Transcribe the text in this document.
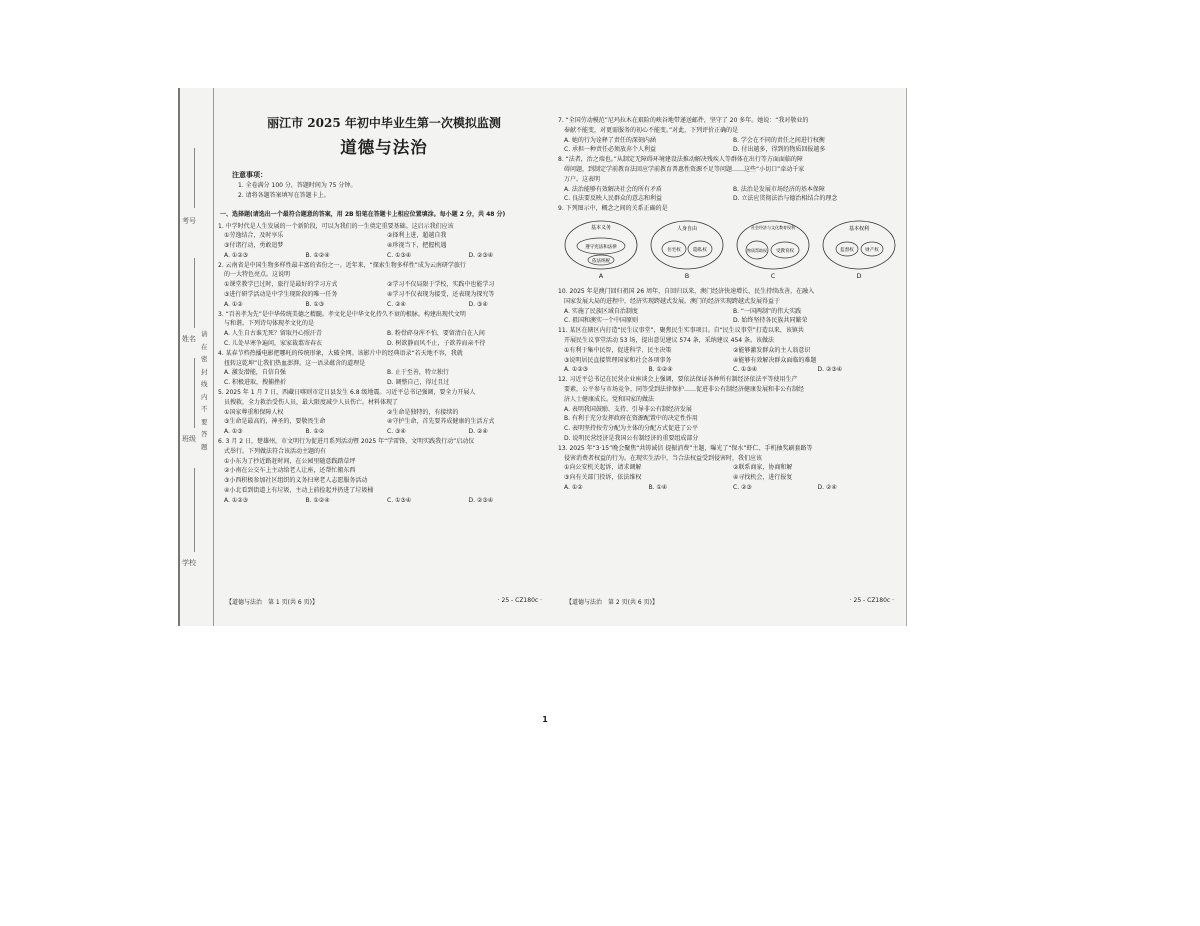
考号
姓名
班级
学校
请 在 密 封 线 内 不 要 答 题
丽江市 2025 年初中毕业生第一次模拟监测
道德与法治
注意事项：
1. 全卷满分 100 分，答题时间为 75 分钟。
2. 请将各题答案填写在答题卡上。
一、选择题(请选出一个最符合题意的答案，用 2B 铅笔在答题卡上相应位置填涂。每小题 2 分，共 48 分)
1. 中学时代是人生发展的一个新阶段，可以为我们的一生奠定重要基础。这启示我们应该
①劳逸结合，及时享乐	②择利上进，超越自我
③付诸行动，勇敢追梦	④珍视当下，把握机遇
A. ①②③	B. ①②④	C. ①③④	D. ②③④
2. 云南省是中国生物多样性最丰富的省份之一。近年来，“探索生物多样性”成为云南研学旅行
的一大特色亮点。这说明
①课堂教学已过时，旅行是最好的学习方式	②学习不仅局限于学校，实践中也能学习
③进行研学活动是中学生现阶段的唯一任务	④学习不仅表现为接受，还表现为探究等
A. ①②	B. ①③	C. ②④	D. ③④
3. “百善孝为先”是中华传统美德之精髓。孝文化是中华文化持久不衰的根脉。构建出现代文明
与和谐。下列诗句体现孝文化的是
A. 人生自古谁无死？留取丹心照汗青	B. 粉骨碎身浑不怕，要留清白在人间
C. 儿处早寒争遍问，家家裁翦寄春衣	D. 树欲静而风不止，子欲养而亲不待
4. 某春节档热播电影把哪吒的传统形象，大破全网。该影片中的经典语录“若天地不容，我就
扭转这乾坤”让我们热血澎湃。这一语录蕴含的道理是
A. 激发潜能，自信自强	B. 止于至善，特立独行
C. 积极进取，搜捕挫折	D. 调整自己，得过且过
5. 2025 年 1 月 7 日，西藏日喀则市定日县发生 6.8 级地震。习近平总书记强调，要全力开展人
员搜救，全力救治受伤人员，最大限度减少人员伤亡。材料体现了
①国家尊重和保障人权	②生命是独特的，有接续的
③生命是最高的，神圣的，要敬畏生命	④守护生命，首先要养成健康的生活方式
A. ①③	B. ①②	C. ③④	D. ②④
6. 3 月 2 日，楚雄州，市文明行为促进月系列活动暨 2025 年“学雷锋，文明实践我行动”启动仪
式举行。下列做法符合该活动主题的有
①小东为了抄近路赶时间，在公园里随意践踏草坪
②小南在公交车上主动给老人让座，还帮忙搬东西
③小西积极参加社区组织的义务扫寒老人志愿服务活动
④小北看到街道上有垃圾，主动上前捡起并扔进了垃圾桶
A. ①②③	B. ①②④	C. ①③④	D. ②③④
【道德与法治　第 1 页(共 6 页)】	· 25 - CZ180c ·
7. “全国劳动模范”尼玛拉木在艰险的峡谷地带递送邮件，坚守了 20 多年。她说：“我对敬业的
奉献不能变，对更需服务的初心不能变。”对此，下列评价正确的是
A. 她的行为诠释了责任的深刻内涵	B. 学会在不同的责任之间进行权衡
C. 承担一种责任必须放弃个人利益	D. 付出越多，得到的物质回报越多
8. “法者，治之端也。”从制定无障碍环境建设法推动解决残疾人等群体在出行等方面面临的障
碍问题，到制定学前教育法回应学前教育普惠性资源不足等问题……这些“小切口”牵动千家
万户。这表明
A. 法治能够有效解决社会的所有矛盾	B. 法治是发展市场经济的基本保障
C. 良法要反映人民群众的意志和利益	D. 立法应贯彻法治与德治相结合的理念
9. 下列图示中，概念之间的关系正确的是
基本义务
遵守宪法和法律
依法纳税
A
人身自由
住宅权	隐私权
B
社会经济与文化教育权利
物质帮助权 受教育权
C
基本权利
监督权	财产权
D
10. 2025 年是澳门回归祖国 26 周年，自回归以来，澳门经济快速增长，民生持续改善，在融入
国家发展大局的进程中，经济实现跨越式发展。澳门的经济实现跨越式发展得益于
A. 实施了民族区域自治制度	B. “一国两制”的伟大实践
C. 祖国和澳实一个中国原则	D. 始终坚持各民族共同繁荣
11. 某区在辖区内打造“民生议事堂”，聚焦民生实事项目。自“民生议事堂”打造以来，该镇共
开展民生议事堂活动 53 场，提出意见建议 574 条，采纳建议 454 条。该做法
①有利于集中民智，促进科学、民主决策	②能够激发群众的主人翁意识
③说明居民直接管理国家和社会各项事务	④能够有效解决群众面临的难题
A. ①②③	B. ①②④	C. ①③④	D. ②③④
12. 习近平总书记在民营企业座谈会上强调，要依法保证各种所有制经济依法平等使用生产
要素，公平参与市场竞争，同等受到法律保护……促进非公有制经济健康发展和非公有制经
济人士健康成长。党和国家的做法
A. 表明我国鼓励、支持、引导非公有制经济发展
B. 有利于充分发挥政府在资源配置中的决定性作用
C. 表明坚持按劳分配为主体的分配方式促进了公平
D. 说明民营经济是我国公有制经济的重要组成部分
13. 2025 年“3·15”晚会聚焦“共铸诚信 提振消费”主题，曝光了“保水”虾仁、手机抽奖刷套路等
侵害消费者权益的行为。在现实生活中，当合法权益受到侵害时，我们应该
①向公安机关起诉，请求调解	②联系商家，协商和解
③向有关部门投诉，依法维权	④寻找机会，进行报复
A. ①②	B. ①④	C. ②③	D. ②④
【道德与法治　第 2 页(共 6 页)】	· 25 - CZ180c ·
1
